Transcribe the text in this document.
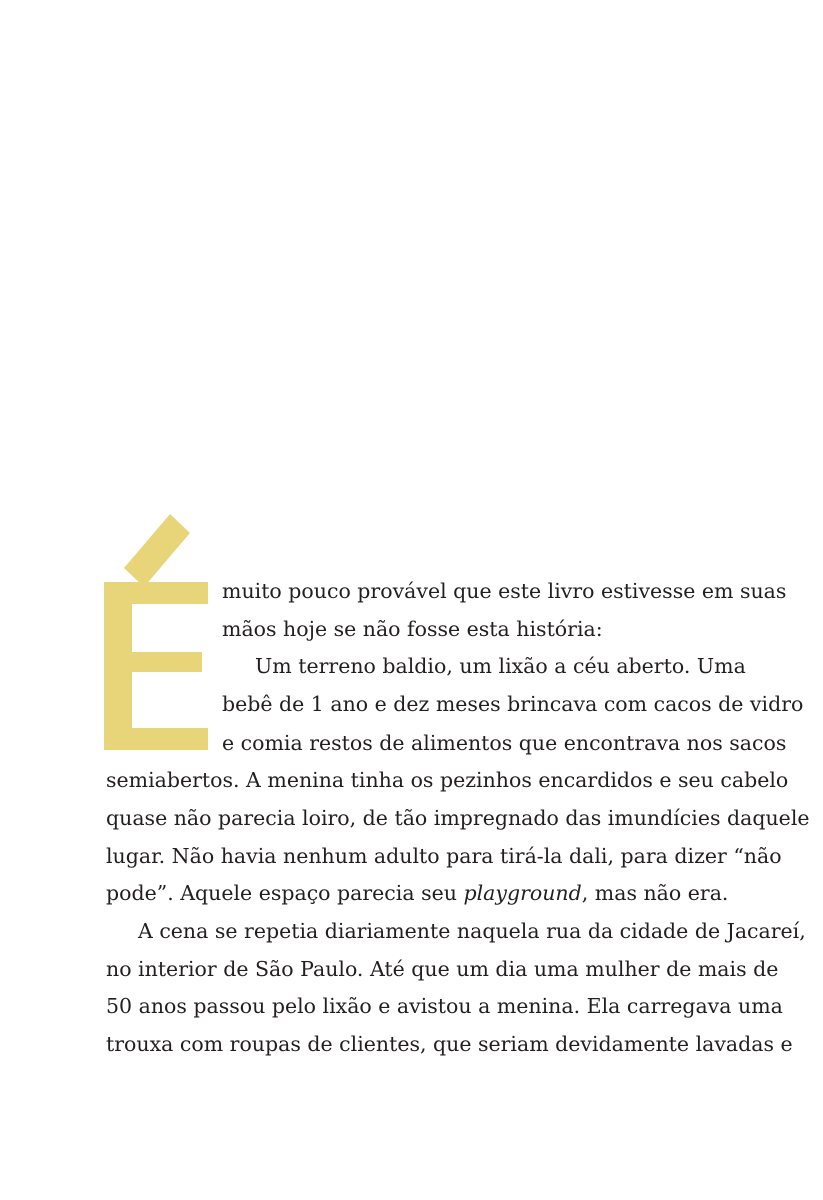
muito pouco provável que este livro estivesse em suas

mãos hoje se não fosse esta história:

Um terreno baldio, um lixão a céu aberto. Uma

bebê de 1 ano e dez meses brincava com cacos de vidro

e comia restos de alimentos que encontrava nos sacos

semiabertos. A menina tinha os pezinhos encardidos e seu cabelo

quase não parecia loiro, de tão impregnado das imundícies daquele

lugar. Não havia nenhum adulto para tirá-la dali, para dizer “não

pode”. Aquele espaço parecia seu playground, mas não era.

A cena se repetia diariamente naquela rua da cidade de Jacareí,

no interior de São Paulo. Até que um dia uma mulher de mais de

50 anos passou pelo lixão e avistou a menina. Ela carregava uma

trouxa com roupas de clientes, que seriam devidamente lavadas e
